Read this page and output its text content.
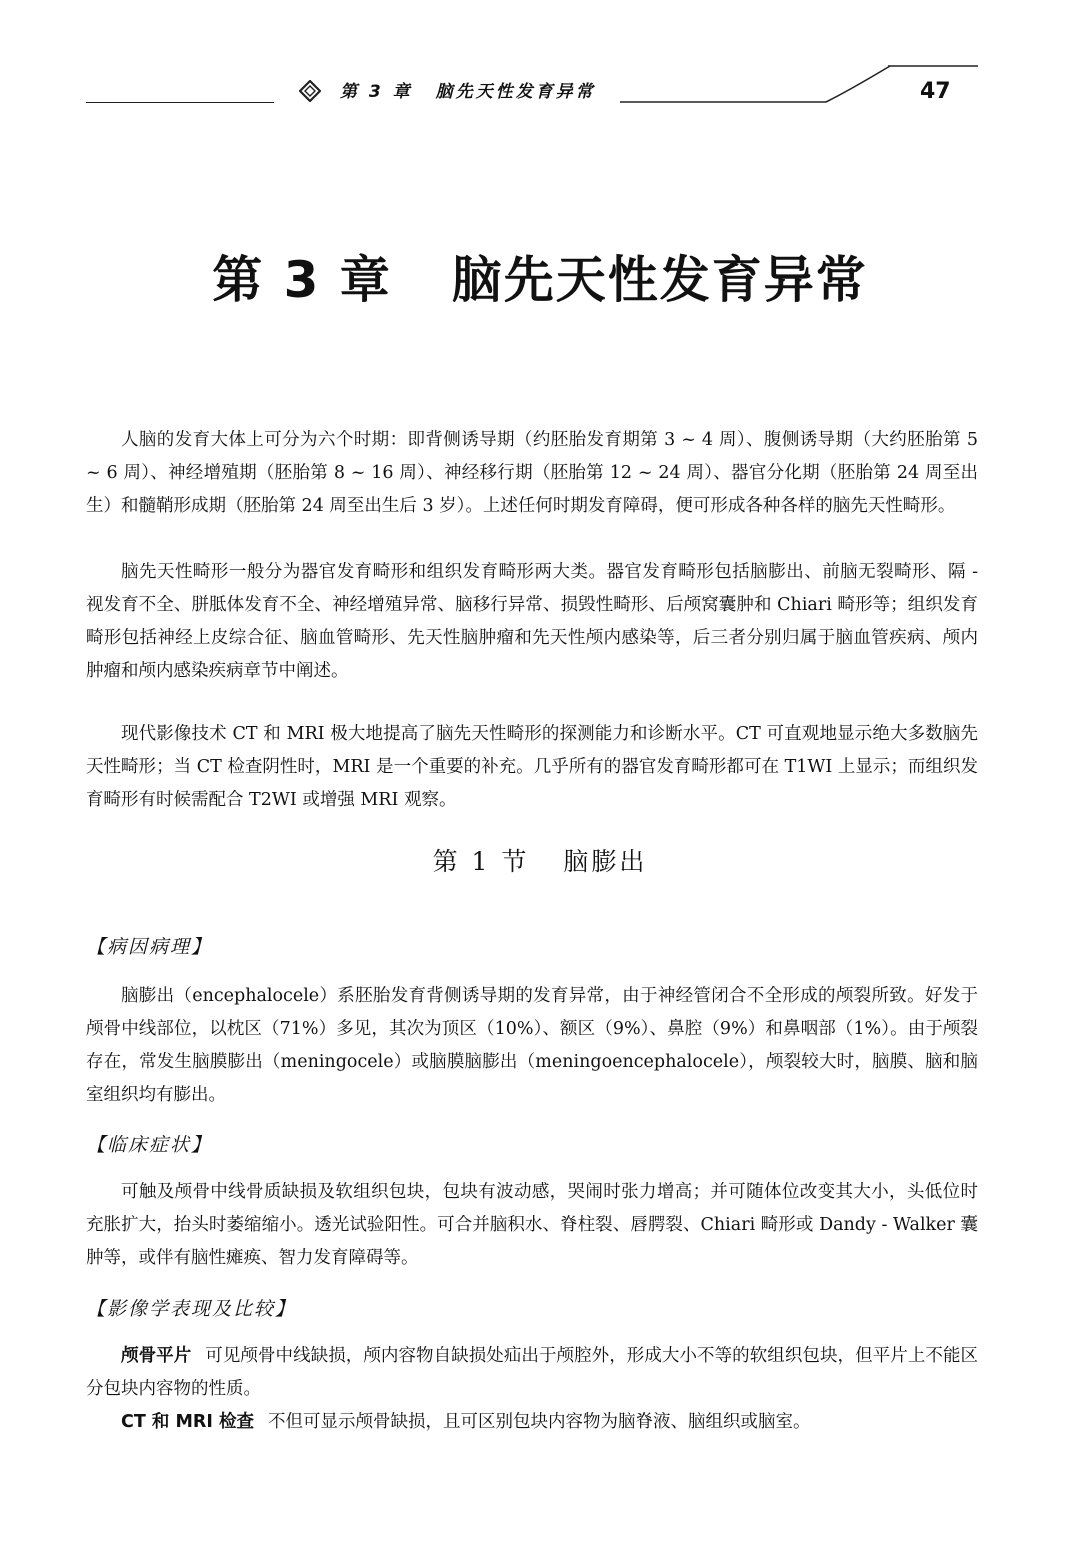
第 3 章 脑先天性发育异常	47
第 3 章 脑先天性发育异常

人脑的发育大体上可分为六个时期：即背侧诱导期（约胚胎发育期第 3 ~ 4 周）、腹侧诱导期（大约胚胎第 5 ~ 6 周）、神经增殖期（胚胎第 8 ~ 16 周）、神经移行期（胚胎第 12 ~ 24 周）、器官分化期（胚胎第 24 周至出生）和髓鞘形成期（胚胎第 24 周至出生后 3 岁）。上述任何时期发育障碍，便可形成各种各样的脑先天性畸形。

脑先天性畸形一般分为器官发育畸形和组织发育畸形两大类。器官发育畸形包括脑膨出、前脑无裂畸形、隔 - 视发育不全、胼胝体发育不全、神经增殖异常、脑移行异常、损毁性畸形、后颅窝囊肿和 Chiari 畸形等；组织发育畸形包括神经上皮综合征、脑血管畸形、先天性脑肿瘤和先天性颅内感染等，后三者分别归属于脑血管疾病、颅内肿瘤和颅内感染疾病章节中阐述。

现代影像技术 CT 和 MRI 极大地提高了脑先天性畸形的探测能力和诊断水平。CT 可直观地显示绝大多数脑先天性畸形；当 CT 检查阴性时，MRI 是一个重要的补充。几乎所有的器官发育畸形都可在 T1WI 上显示；而组织发育畸形有时候需配合 T2WI 或增强 MRI 观察。

第 1 节 脑膨出
【病因病理】

脑膨出（encephalocele）系胚胎发育背侧诱导期的发育异常，由于神经管闭合不全形成的颅裂所致。好发于颅骨中线部位，以枕区（71%）多见，其次为顶区（10%）、额区（9%）、鼻腔（9%）和鼻咽部（1%）。由于颅裂存在，常发生脑膜膨出（meningocele）或脑膜脑膨出（meningoencephalocele），颅裂较大时，脑膜、脑和脑室组织均有膨出。

【临床症状】

可触及颅骨中线骨质缺损及软组织包块，包块有波动感，哭闹时张力增高；并可随体位改变其大小，头低位时充胀扩大，抬头时萎缩缩小。透光试验阳性。可合并脑积水、脊柱裂、唇腭裂、Chiari 畸形或 Dandy - Walker 囊肿等，或伴有脑性瘫痪、智力发育障碍等。

【影像学表现及比较】

颅骨平片 可见颅骨中线缺损，颅内容物自缺损处疝出于颅腔外，形成大小不等的软组织包块，但平片上不能区分包块内容物的性质。

CT 和 MRI 检查 不但可显示颅骨缺损，且可区别包块内容物为脑脊液、脑组织或脑室。
